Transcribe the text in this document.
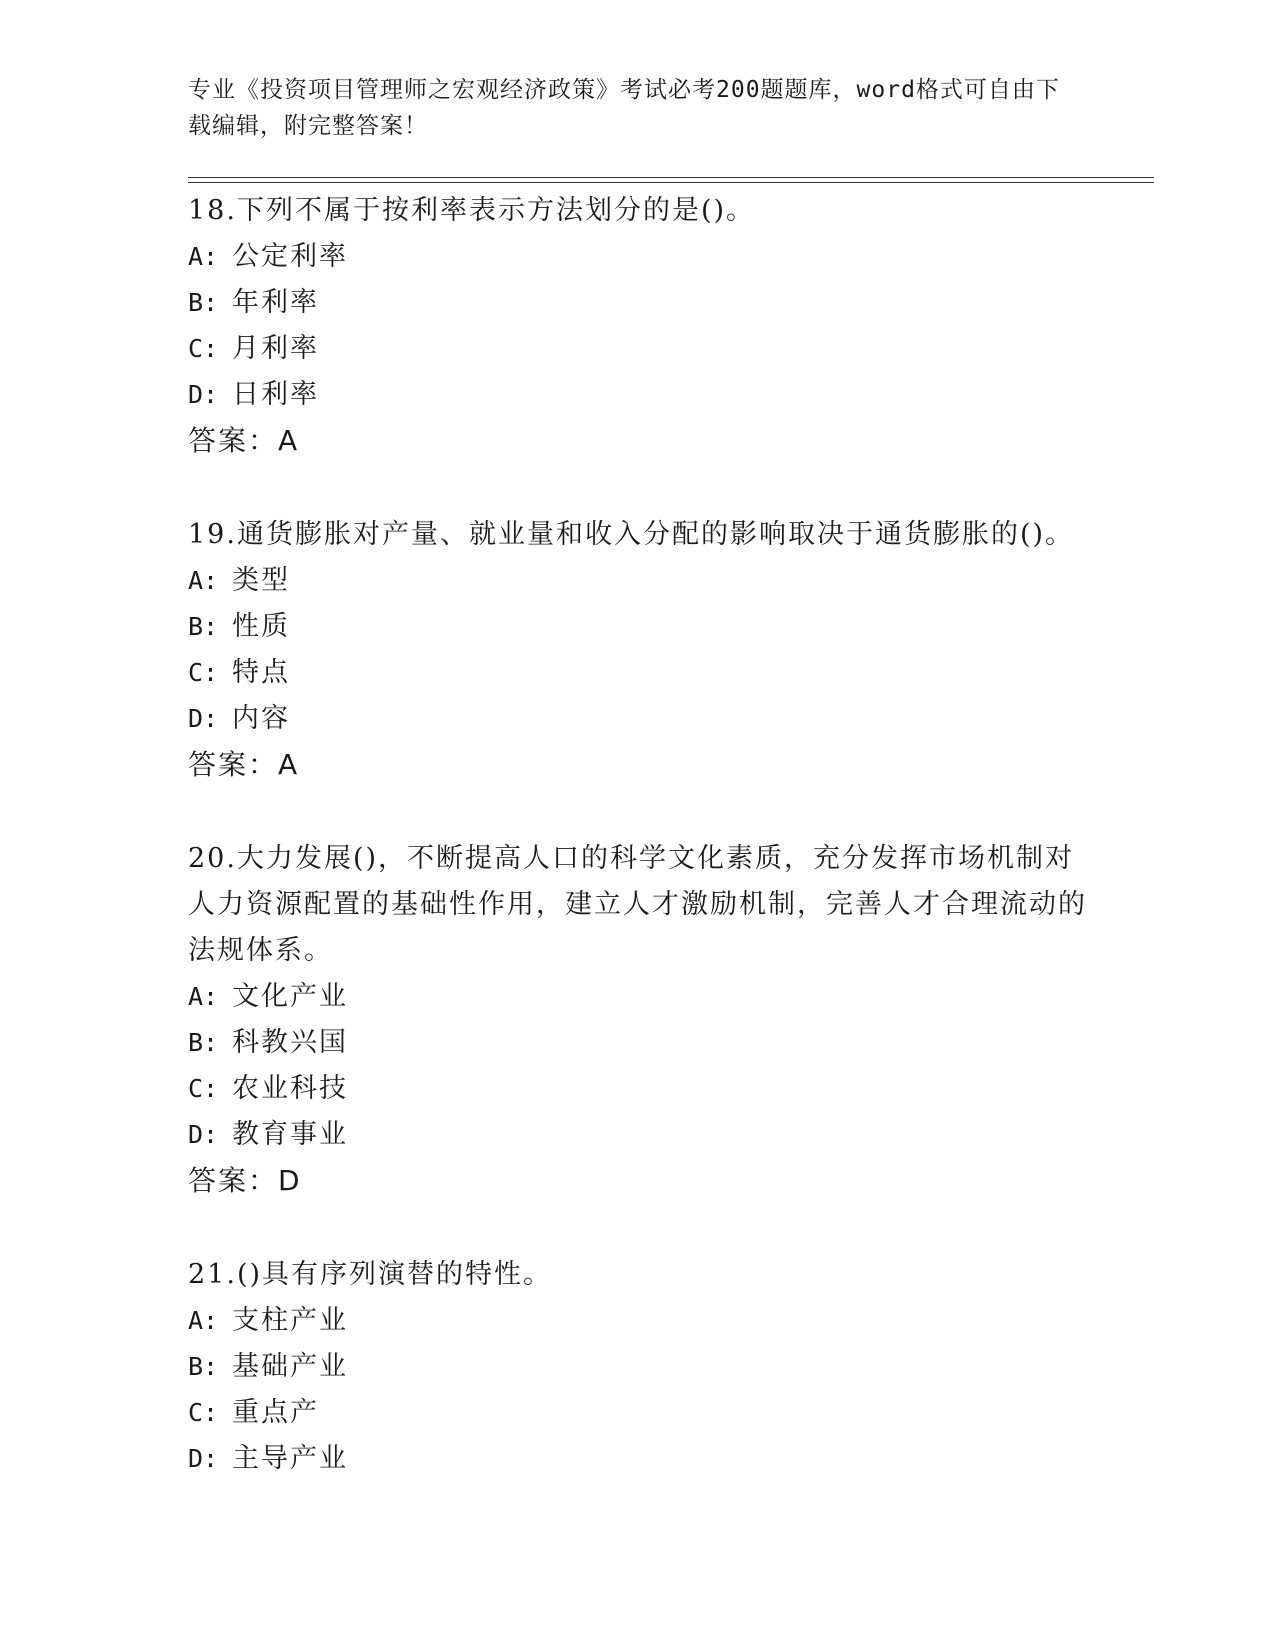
专业《投资项目管理师之宏观经济政策》考试必考200题题库，word格式可自由下载编辑，附完整答案！
18.下列不属于按利率表示方法划分的是()。
A: 公定利率
B: 年利率
C: 月利率
D: 日利率
答案：A
19.通货膨胀对产量、就业量和收入分配的影响取决于通货膨胀的()。
A: 类型
B: 性质
C: 特点
D: 内容
答案：A
20.大力发展()，不断提高人口的科学文化素质，充分发挥市场机制对人力资源配置的基础性作用，建立人才激励机制，完善人才合理流动的法规体系。
A: 文化产业
B: 科教兴国
C: 农业科技
D: 教育事业
答案：D
21.()具有序列演替的特性。
A: 支柱产业
B: 基础产业
C: 重点产
D: 主导产业
